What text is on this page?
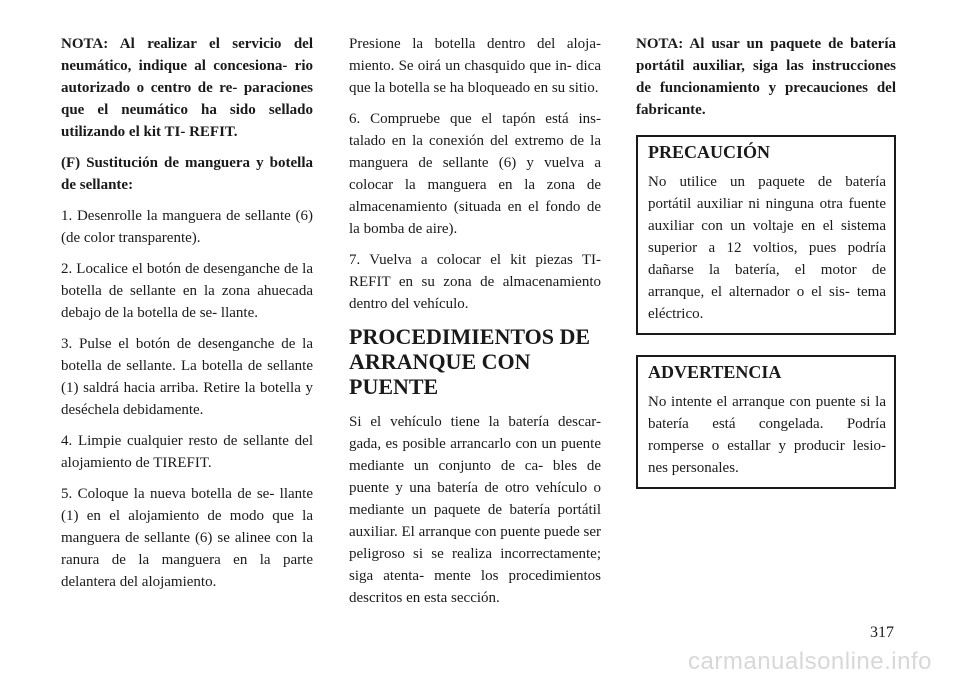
NOTA: Al realizar el servicio del neumático, indique al concesiona- rio autorizado o centro de re- paraciones que el neumático ha sido sellado utilizando el kit TI- REFIT.

(F) Sustitución de manguera y botella de sellante:

1. Desenrolle la manguera de sellante (6) (de color transparente).

2. Localice el botón de desenganche de la botella de sellante en la zona ahuecada debajo de la botella de se- llante.

3. Pulse el botón de desenganche de la botella de sellante. La botella de sellante (1) saldrá hacia arriba. Retire la botella y deséchela debidamente.

4. Limpie cualquier resto de sellante del alojamiento de TIREFIT.

5. Coloque la nueva botella de se- llante (1) en el alojamiento de modo que la manguera de sellante (6) se alinee con la ranura de la manguera en la parte delantera del alojamiento.

Presione la botella dentro del aloja- miento. Se oirá un chasquido que in- dica que la botella se ha bloqueado en su sitio.

6. Compruebe que el tapón está ins- talado en la conexión del extremo de la manguera de sellante (6) y vuelva a colocar la manguera en la zona de almacenamiento (situada en el fondo de la bomba de aire).

7. Vuelva a colocar el kit piezas TI- REFIT en su zona de almacenamiento dentro del vehículo.

PROCEDIMIENTOS DE ARRANQUE CON PUENTE

Si el vehículo tiene la batería descar- gada, es posible arrancarlo con un puente mediante un conjunto de ca- bles de puente y una batería de otro vehículo o mediante un paquete de batería portátil auxiliar. El arranque con puente puede ser peligroso si se realiza incorrectamente; siga atenta- mente los procedimientos descritos en esta sección.

NOTA: Al usar un paquete de batería portátil auxiliar, siga las instrucciones de funcionamiento y precauciones del fabricante.

PRECAUCIÓN

No utilice un paquete de batería portátil auxiliar ni ninguna otra fuente auxiliar con un voltaje en el sistema superior a 12 voltios, pues podría dañarse la batería, el motor de arranque, el alternador o el sis- tema eléctrico.

ADVERTENCIA

No intente el arranque con puente si la batería está congelada. Podría romperse o estallar y producir lesio- nes personales.

317
carmanualsonline.info
